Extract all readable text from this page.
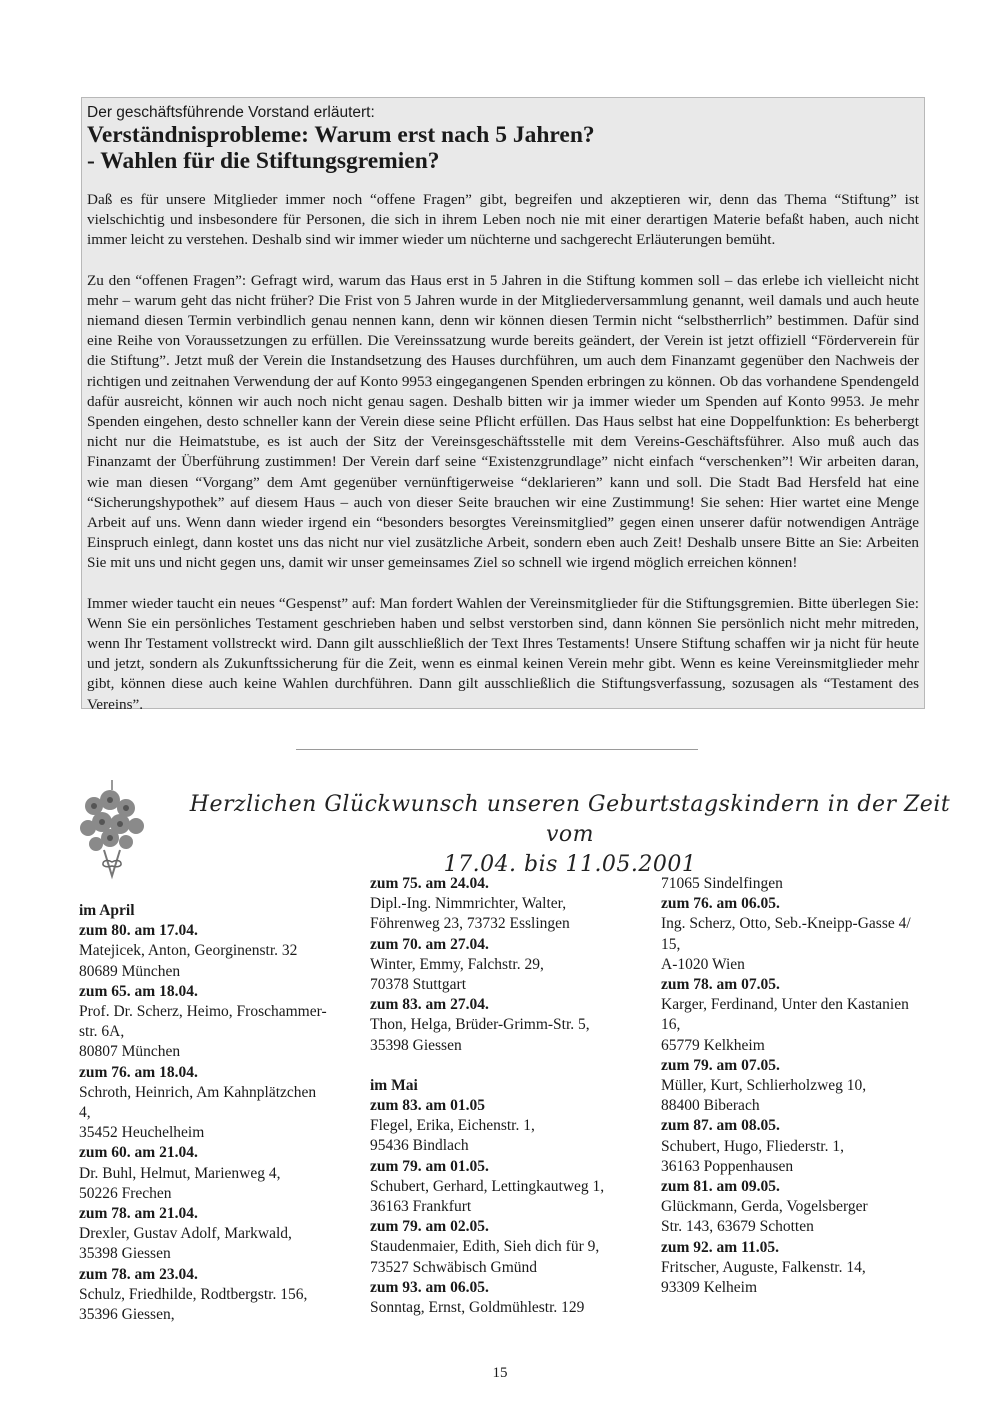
Der geschäftsführende Vorstand erläutert:

Verständnisprobleme: Warum erst nach 5 Jahren?

- Wahlen für die Stiftungsgremien?

Daß es für unsere Mitglieder immer noch “offene Fragen” gibt, begreifen und akzeptieren wir, denn das Thema “Stiftung” ist vielschichtig und insbesondere für Personen, die sich in ihrem Leben noch nie mit einer derartigen Materie befaßt haben, auch nicht immer leicht zu verstehen. Deshalb sind wir immer wieder um nüchterne und sachgerecht Erläuterungen bemüht.

Zu den “offenen Fragen”: Gefragt wird, warum das Haus erst in 5 Jahren in die Stiftung kommen soll – das erlebe ich vielleicht nicht mehr – warum geht das nicht früher? Die Frist von 5 Jahren wurde in der Mitgliederversammlung genannt, weil damals und auch heute niemand diesen Termin verbindlich genau nennen kann, denn wir können diesen Termin nicht “selbstherrlich” bestimmen. Dafür sind eine Reihe von Voraussetzungen zu erfüllen. Die Vereinssatzung wurde bereits geändert, der Verein ist jetzt offiziell “Förderverein für die Stiftung”. Jetzt muß der Verein die Instandsetzung des Hauses durchführen, um auch dem Finanzamt gegenüber den Nachweis der richtigen und zeitnahen Verwendung der auf Konto 9953 eingegangenen Spenden erbringen zu können. Ob das vorhandene Spendengeld dafür ausreicht, können wir auch noch nicht genau sagen. Deshalb bitten wir ja immer wieder um Spenden auf Konto 9953. Je mehr Spenden eingehen, desto schneller kann der Verein diese seine Pflicht erfüllen. Das Haus selbst hat eine Doppelfunktion: Es beherbergt nicht nur die Heimatstube, es ist auch der Sitz der Vereinsgeschäftsstelle mit dem Vereins-Geschäftsführer. Also muß auch das Finanzamt der Überführung zustimmen! Der Verein darf seine “Existenzgrundlage” nicht einfach “verschenken”! Wir arbeiten daran, wie man diesen “Vorgang” dem Amt gegenüber vernünftigerweise “deklarieren” kann und soll. Die Stadt Bad Hersfeld hat eine “Sicherungshypothek” auf diesem Haus – auch von dieser Seite brauchen wir eine Zustimmung! Sie sehen: Hier wartet eine Menge Arbeit auf uns. Wenn dann wieder irgend ein “besonders besorgtes Vereinsmitglied” gegen einen unserer dafür notwendigen Anträge Einspruch einlegt, dann kostet uns das nicht nur viel zusätzliche Arbeit, sondern eben auch Zeit! Deshalb unsere Bitte an Sie: Arbeiten Sie mit uns und nicht gegen uns, damit wir unser gemeinsames Ziel so schnell wie irgend möglich erreichen können!

Immer wieder taucht ein neues “Gespenst” auf: Man fordert Wahlen der Vereinsmitglieder für die Stiftungsgremien. Bitte überlegen Sie: Wenn Sie ein persönliches Testament geschrieben haben und selbst verstorben sind, dann können Sie persönlich nicht mehr mitreden, wenn Ihr Testament vollstreckt wird. Dann gilt ausschließlich der Text Ihres Testaments! Unsere Stiftung schaffen wir ja nicht für heute und jetzt, sondern als Zukunftssicherung für die Zeit, wenn es einmal keinen Verein mehr gibt. Wenn es keine Vereinsmitglieder mehr gibt, können diese auch keine Wahlen durchführen. Dann gilt ausschließlich die Stiftungsverfassung, sozusagen als “Testament des Vereins”.

Herzlichen Glückwunsch unseren Geburtstagskindern in der Zeit vom
17.04. bis 11.05.2001

im April

zum 80. am 17.04.

Matejicek, Anton, Georginenstr. 32

80689 München

zum 65. am 18.04.

Prof. Dr. Scherz, Heimo, Froschammer-

str. 6A,

80807 München

zum 76. am 18.04.

Schroth, Heinrich, Am Kahnplätzchen

4,

35452 Heuchelheim

zum 60. am 21.04.

Dr. Buhl, Helmut, Marienweg 4,

50226 Frechen

zum 78. am 21.04.

Drexler, Gustav Adolf, Markwald,

35398 Giessen

zum 78. am 23.04.

Schulz, Friedhilde, Rodtbergstr. 156,

35396 Giessen,

zum 75. am 24.04.

Dipl.-Ing. Nimmrichter, Walter,

Föhrenweg 23, 73732 Esslingen

zum 70. am 27.04.

Winter, Emmy, Falchstr. 29,

70378 Stuttgart

zum 83. am 27.04.

Thon, Helga, Brüder-Grimm-Str. 5,

35398 Giessen

im Mai

zum 83. am 01.05

Flegel, Erika, Eichenstr. 1,

95436 Bindlach

zum 79. am 01.05.

Schubert, Gerhard, Lettingkautweg 1,

36163 Frankfurt

zum 79. am 02.05.

Staudenmaier, Edith, Sieh dich für 9,

73527 Schwäbisch Gmünd

zum 93. am 06.05.

Sonntag, Ernst, Goldmühlestr. 129

71065 Sindelfingen

zum 76. am 06.05.

Ing. Scherz, Otto, Seb.-Kneipp-Gasse 4/

15,

A-1020 Wien

zum 78. am 07.05.

Karger, Ferdinand, Unter den Kastanien

16,

65779 Kelkheim

zum 79. am 07.05.

Müller, Kurt, Schlierholzweg 10,

88400 Biberach

zum 87. am 08.05.

Schubert, Hugo, Fliederstr. 1,

36163 Poppenhausen

zum 81. am 09.05.

Glückmann, Gerda, Vogelsberger

Str. 143, 63679 Schotten

zum 92. am 11.05.

Fritscher, Auguste, Falkenstr. 14,

93309 Kelheim

15
